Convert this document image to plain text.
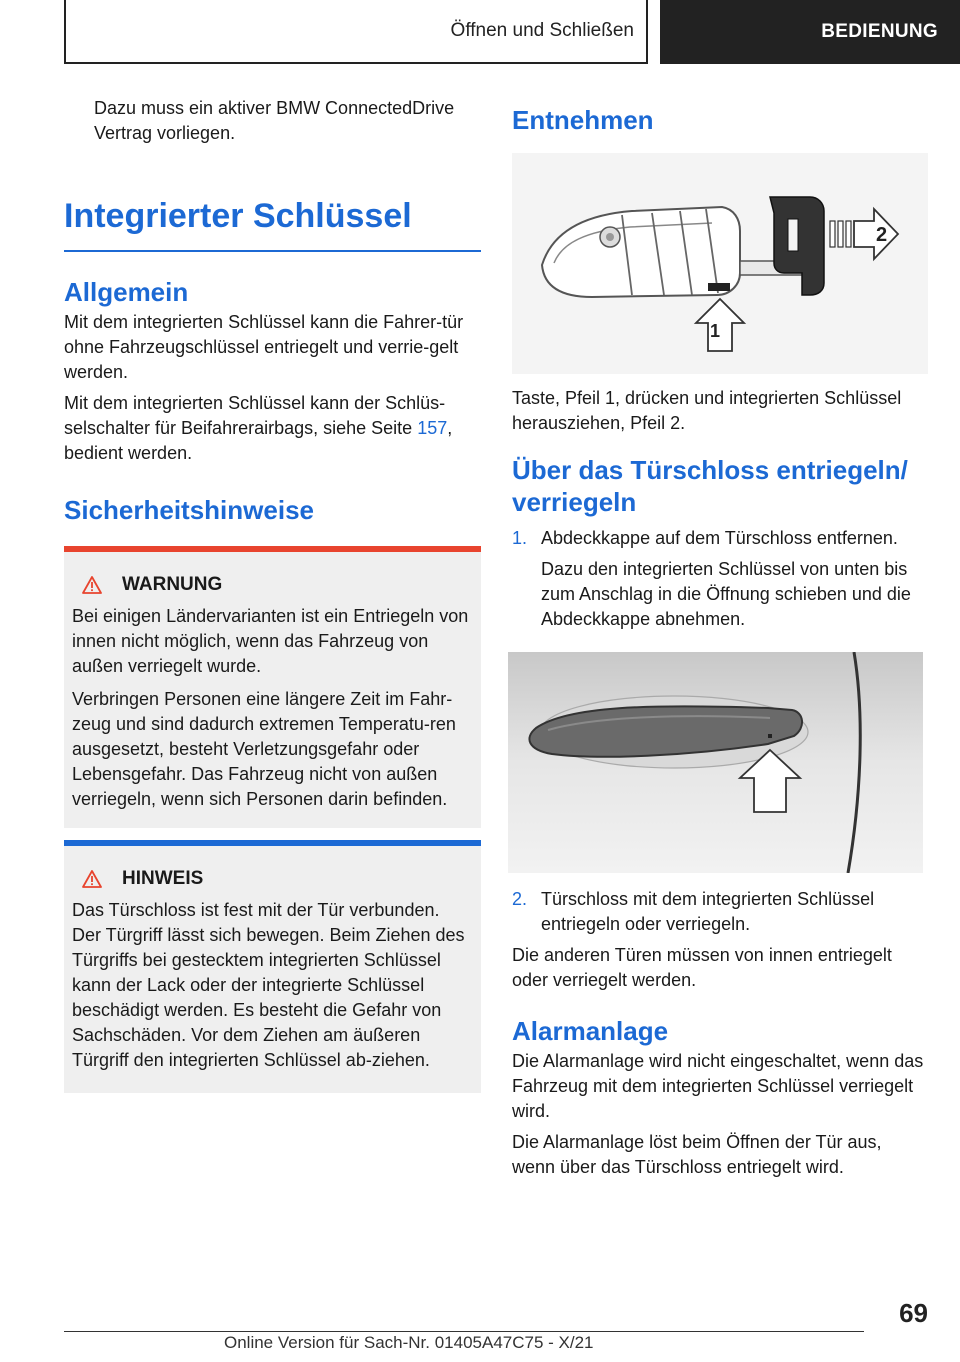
Öffnen und Schließen	BEDIENUNG

Dazu muss ein aktiver BMW ConnectedDrive Vertrag vorliegen.

Integrierter Schlüssel
Allgemein

Mit dem integrierten Schlüssel kann die Fahrer-tür ohne Fahrzeugschlüssel entriegelt und verrie-gelt werden.

Mit dem integrierten Schlüssel kann der Schlüs-selschalter für Beifahrerairbags, siehe Seite 157, bedient werden.

Sicherheitshinweise
WARNUNG

Bei einigen Ländervarianten ist ein Entriegeln von innen nicht möglich, wenn das Fahrzeug von außen verriegelt wurde.

Verbringen Personen eine längere Zeit im Fahr-zeug und sind dadurch extremen Temperatu-ren ausgesetzt, besteht Verletzungsgefahr oder Lebensgefahr. Das Fahrzeug nicht von außen verriegeln, wenn sich Personen darin befinden.

HINWEIS

Das Türschloss ist fest mit der Tür verbunden. Der Türgriff lässt sich bewegen. Beim Ziehen des Türgriffs bei gestecktem integrierten Schlüssel kann der Lack oder der integrierte Schlüssel beschädigt werden. Es besteht die Gefahr von Sachschäden. Vor dem Ziehen am äußeren Türgriff den integrierten Schlüssel ab-ziehen.

Entnehmen
1
2

Taste, Pfeil 1, drücken und integrierten Schlüssel herausziehen, Pfeil 2.

Über das Türschloss entriegeln/ verriegeln
1. Abdeckkappe auf dem Türschloss entfernen.

Dazu den integrierten Schlüssel von unten bis zum Anschlag in die Öffnung schieben und die Abdeckkappe abnehmen.

2. Türschloss mit dem integrierten Schlüssel entriegeln oder verriegeln.

Die anderen Türen müssen von innen entriegelt oder verriegelt werden.

Alarmanlage

Die Alarmanlage wird nicht eingeschaltet, wenn das Fahrzeug mit dem integrierten Schlüssel verriegelt wird.

Die Alarmanlage löst beim Öffnen der Tür aus, wenn über das Türschloss entriegelt wird.

69
Online Version für Sach-Nr. 01405A47C75 - X/21
